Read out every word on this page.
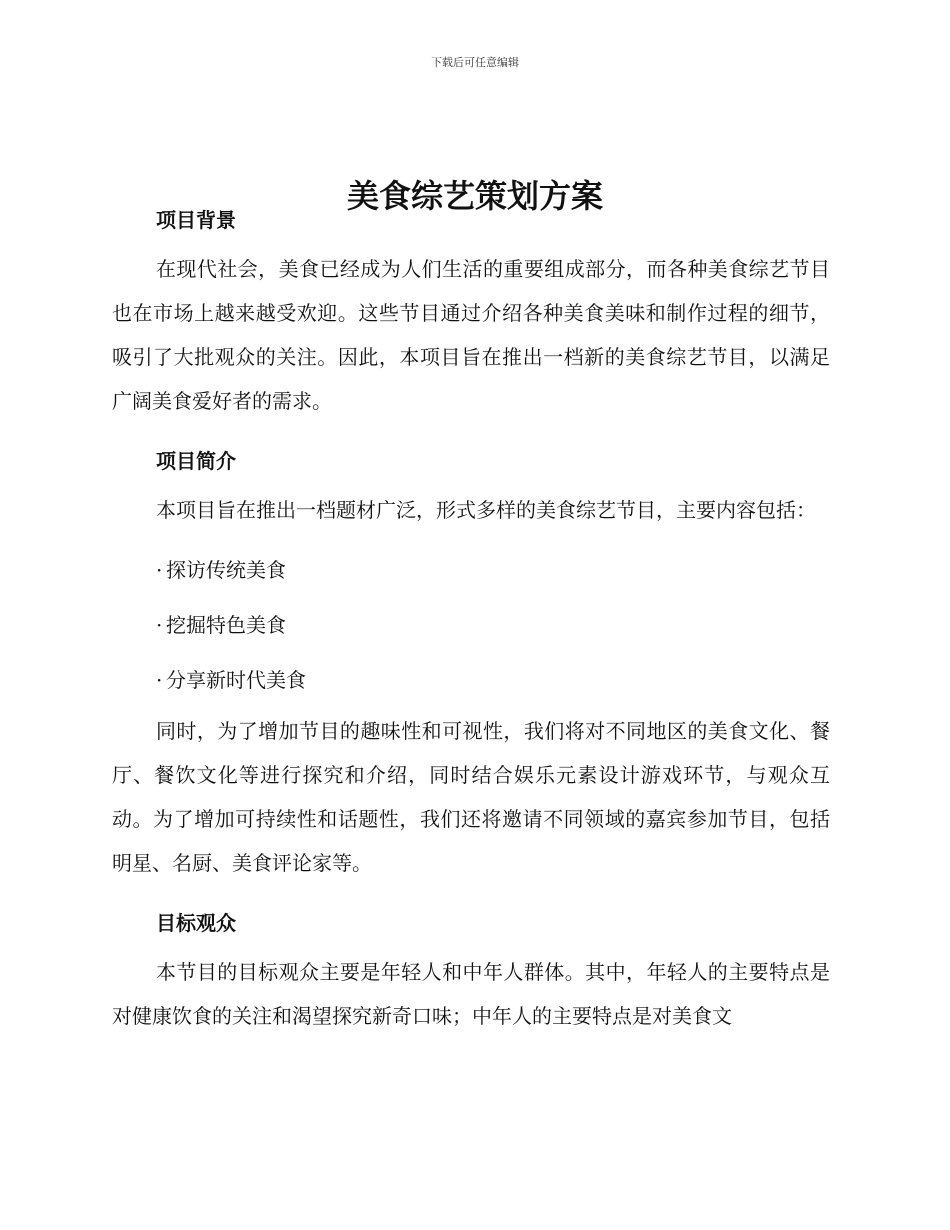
下载后可任意编辑
美食综艺策划方案
项目背景

在现代社会，美食已经成为人们生活的重要组成部分，而各种美食综艺节目也在市场上越来越受欢迎。这些节目通过介绍各种美食美味和制作过程的细节，吸引了大批观众的关注。因此，本项目旨在推出一档新的美食综艺节目，以满足广阔美食爱好者的需求。

项目简介

本项目旨在推出一档题材广泛，形式多样的美食综艺节目，主要内容包括：

· 探访传统美食
· 挖掘特色美食
· 分享新时代美食

同时，为了增加节目的趣味性和可视性，我们将对不同地区的美食文化、餐厅、餐饮文化等进行探究和介绍，同时结合娱乐元素设计游戏环节，与观众互动。为了增加可持续性和话题性，我们还将邀请不同领域的嘉宾参加节目，包括明星、名厨、美食评论家等。

目标观众

本节目的目标观众主要是年轻人和中年人群体。其中，年轻人的主要特点是对健康饮食的关注和渴望探究新奇口味；中年人的主要特点是对美食文
